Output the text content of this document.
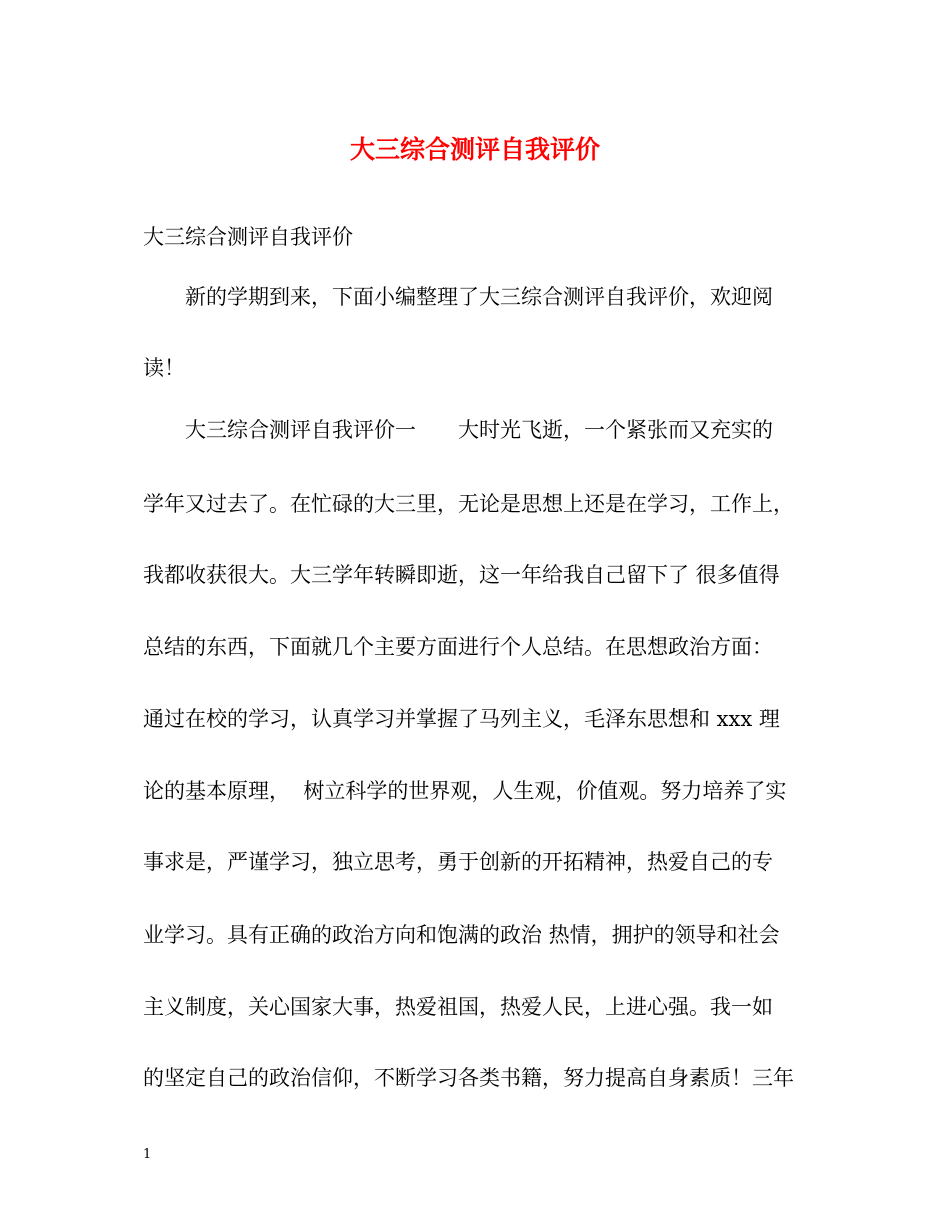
大三综合测评自我评价

大三综合测评自我评价

　　新的学期到来，下面小编整理了大三综合测评自我评价，欢迎阅

读！

　　大三综合测评自我评价一　　大时光飞逝，一个紧张而又充实的

学年又过去了。在忙碌的大三里，无论是思想上还是在学习，工作上，

我都收获很大。大三学年转瞬即逝，这一年给我自己留下了 很多值得

总结的东西，下面就几个主要方面进行个人总结。在思想政治方面：

通过在校的学习，认真学习并掌握了马列主义，毛泽东思想和 xxx 理

论的基本原理，  树立科学的世界观，人生观，价值观。努力培养了实

事求是，严谨学习，独立思考，勇于创新的开拓精神，热爱自己的专

业学习。具有正确的政治方向和饱满的政治 热情，拥护的领导和社会

主义制度，关心国家大事，热爱祖国，热爱人民，上进心强。我一如

的坚定自己的政治信仰，不断学习各类书籍，努力提高自身素质！三年

1
